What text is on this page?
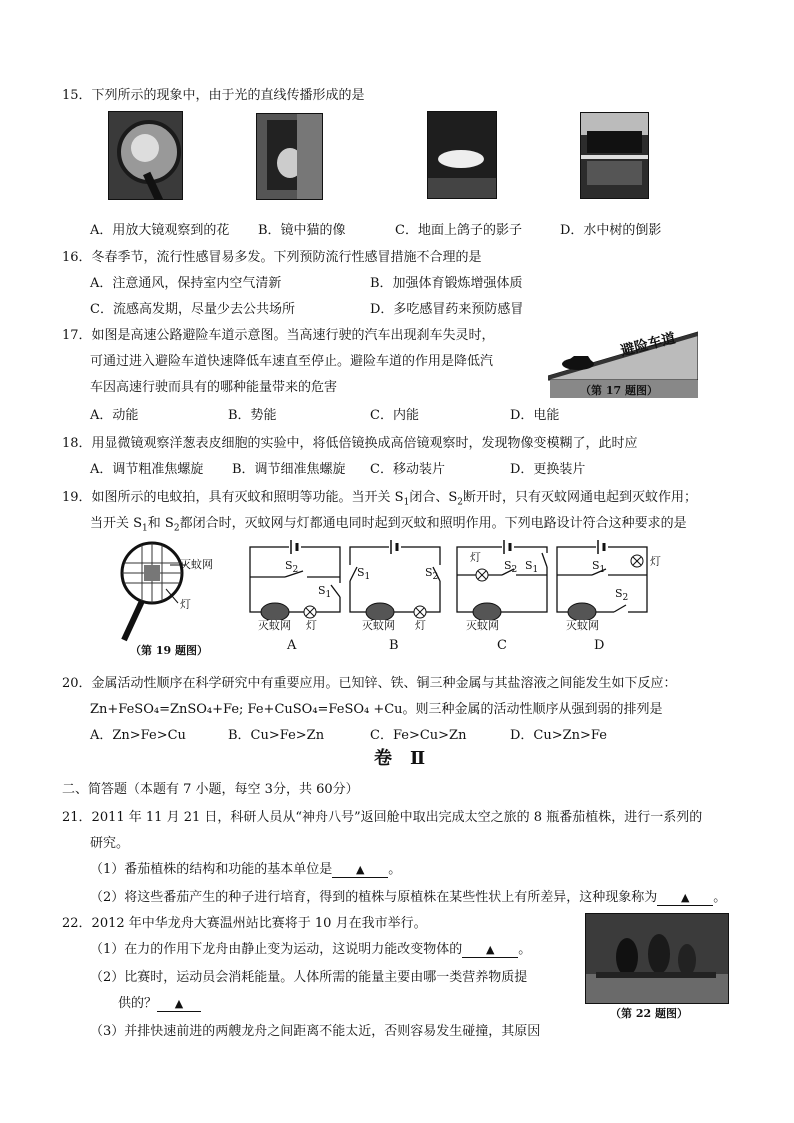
15．下列所示的现象中，由于光的直线传播形成的是
A．用放大镜观察到的花 B．镜中猫的像	C．地面上鸽子的影子	D．水中树的倒影
16．冬春季节，流行性感冒易多发。下列预防流行性感冒措施不合理的是
A．注意通风，保持室内空气清新	B．加强体育锻炼增强体质
C．流感高发期，尽量少去公共场所	D．多吃感冒药来预防感冒
17．如图是高速公路避险车道示意图。当高速行驶的汽车出现刹车失灵时，
可通过进入避险车道快速降低车速直至停止。避险车道的作用是降低汽
车因高速行驶而具有的哪种能量带来的危害
避险车道
（第 17 题图）
A．动能	B．势能	C．内能	D．电能
18．用显微镜观察洋葱表皮细胞的实验中，将低倍镜换成高倍镜观察时，发现物像变模糊了，此时应
A．调节粗准焦螺旋 B．调节细准焦螺旋 C．移动装片	D．更换装片
19．如图所示的电蚊拍，具有灭蚊和照明等功能。当开关 $S_1$闭合、$S_2$断开时，只有灭蚊网通电起到灭蚊作用；
当开关 $S_1$和 $S_2$都闭合时，灭蚊网与灯都通电同时起到灭蚊和照明作用。下列电路设计符合这种要求的是
灭蚊网
灯
（第 19 题图）
$S_2$
$S_1$
灭蚊网 灯
A
$S_1$	$S_2$
灭蚊网 灯
B
灯
$S_2$ $S_1$
灭蚊网
C
$S_1$
灯
$S_2$
灭蚊网
D
20．金属活动性顺序在科学研究中有重要应用。已知锌、铁、铜三种金属与其盐溶液之间能发生如下反应：
Zn+FeSO₄=ZnSO₄+Fe; Fe+CuSO₄=FeSO₄ +Cu。则三种金属的活动性顺序从强到弱的排列是
A．Zn>Fe>Cu	B．Cu>Fe>Zn	C．Fe>Cu>Zn	D．Cu>Zn>Fe
卷　Ⅱ
二、简答题（本题有 7 小题，每空 3分，共 60分）
21．2011 年 11 月 21 日，科研人员从“神舟八号”返回舱中取出完成太空之旅的 8 瓶番茄植株，进行一系列的
研究。
（1）番茄植株的结构和功能的基本单位是 ▲ 。
（2）将这些番茄产生的种子进行培育，得到的植株与原植株在某些性状上有所差异，这种现象称为 ▲ 。
22．2012 年中华龙舟大赛温州站比赛将于 10 月在我市举行。
（1）在力的作用下龙舟由静止变为运动，这说明力能改变物体的 ▲ 。
（2）比赛时，运动员会消耗能量。人体所需的能量主要由哪一类营养物质提
供的？ ▲
（3）并排快速前进的两艘龙舟之间距离不能太近，否则容易发生碰撞，其原因
（第 22 题图）
